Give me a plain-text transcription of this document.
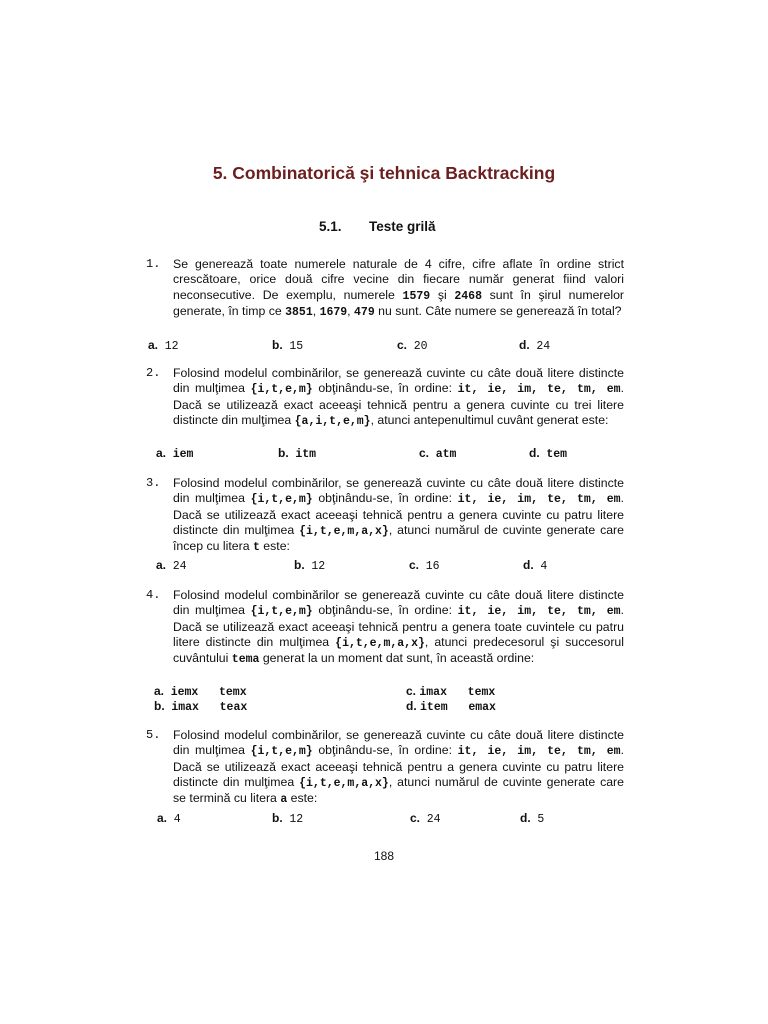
5. Combinatorică şi tehnica Backtracking
5.1. Teste grilă
1. Se generează toate numerele naturale de 4 cifre, cifre aflate în ordine strict crescătoare, orice două cifre vecine din fiecare număr generat fiind valori neconsecutive. De exemplu, numerele 1579 şi 2468 sunt în şirul numerelor generate, în timp ce 3851, 1679, 479 nu sunt. Câte numere se generează în total?

a. 12	b. 15	c. 20	d. 24
2. Folosind modelul combinărilor, se generează cuvinte cu câte două litere distincte din mulţimea {i,t,e,m} obţinându-se, în ordine: it, ie, im, te, tm, em. Dacă se utilizează exact aceeaşi tehnică pentru a genera cuvinte cu trei litere distincte din mulţimea {a,i,t,e,m}, atunci antepenultimul cuvânt generat este:

a. iem	b. itm	c. atm	d. tem
3. Folosind modelul combinărilor, se generează cuvinte cu câte două litere distincte din mulţimea {i,t,e,m} obţinându-se, în ordine: it, ie, im, te, tm, em. Dacă se utilizează exact aceeaşi tehnică pentru a genera cuvinte cu patru litere distincte din mulţimea {i,t,e,m,a,x}, atunci numărul de cuvinte generate care încep cu litera t este:

a. 24	b. 12	c. 16	d. 4
4. Folosind modelul combinărilor se generează cuvinte cu câte două litere distincte din mulţimea {i,t,e,m} obţinându-se, în ordine: it, ie, im, te, tm, em. Dacă se utilizează exact aceeaşi tehnică pentru a genera toate cuvintele cu patru litere distincte din mulţimea {i,t,e,m,a,x}, atunci predecesorul şi succesorul cuvântului tema generat la un moment dat sunt, în această ordine:

a. iemx   temx
b. imax   teax
c. imax   temx
d. item   emax
5. Folosind modelul combinărilor, se generează cuvinte cu câte două litere distincte din mulţimea {i,t,e,m} obţinându-se, în ordine: it, ie, im, te, tm, em. Dacă se utilizează exact aceeaşi tehnică pentru a genera cuvinte cu patru litere distincte din mulţimea {i,t,e,m,a,x}, atunci numărul de cuvinte generate care se termină cu litera a este:

a. 4	b. 12	c. 24	d. 5
188
